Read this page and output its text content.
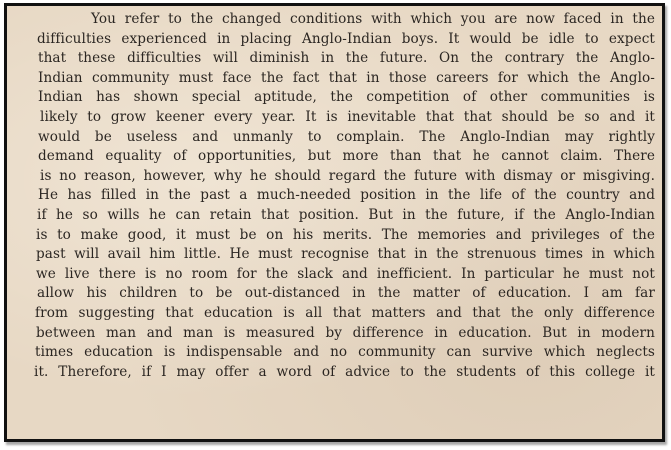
You refer to the changed conditions with which you are now faced in the
difficulties experienced in placing Anglo-Indian boys. It would be idle to expect
that these difficulties will diminish in the future. On the contrary the Anglo-
Indian community must face the fact that in those careers for which the Anglo-
Indian has shown special aptitude, the competition of other communities is
likely to grow keener every year. It is inevitable that that should be so and it
would be useless and unmanly to complain. The Anglo-Indian may rightly
demand equality of opportunities, but more than that he cannot claim. There
is no reason, however, why he should regard the future with dismay or misgiving.
He has filled in the past a much-needed position in the life of the country and
if he so wills he can retain that position. But in the future, if the Anglo-Indian
is to make good, it must be on his merits. The memories and privileges of the
past will avail him little. He must recognise that in the strenuous times in which
we live there is no room for the slack and inefficient. In particular he must not
allow his children to be out-distanced in the matter of education. I am far
from suggesting that education is all that matters and that the only difference
between man and man is measured by difference in education. But in modern
times education is indispensable and no community can survive which neglects
it. Therefore, if I may offer a word of advice to the students of this college it
